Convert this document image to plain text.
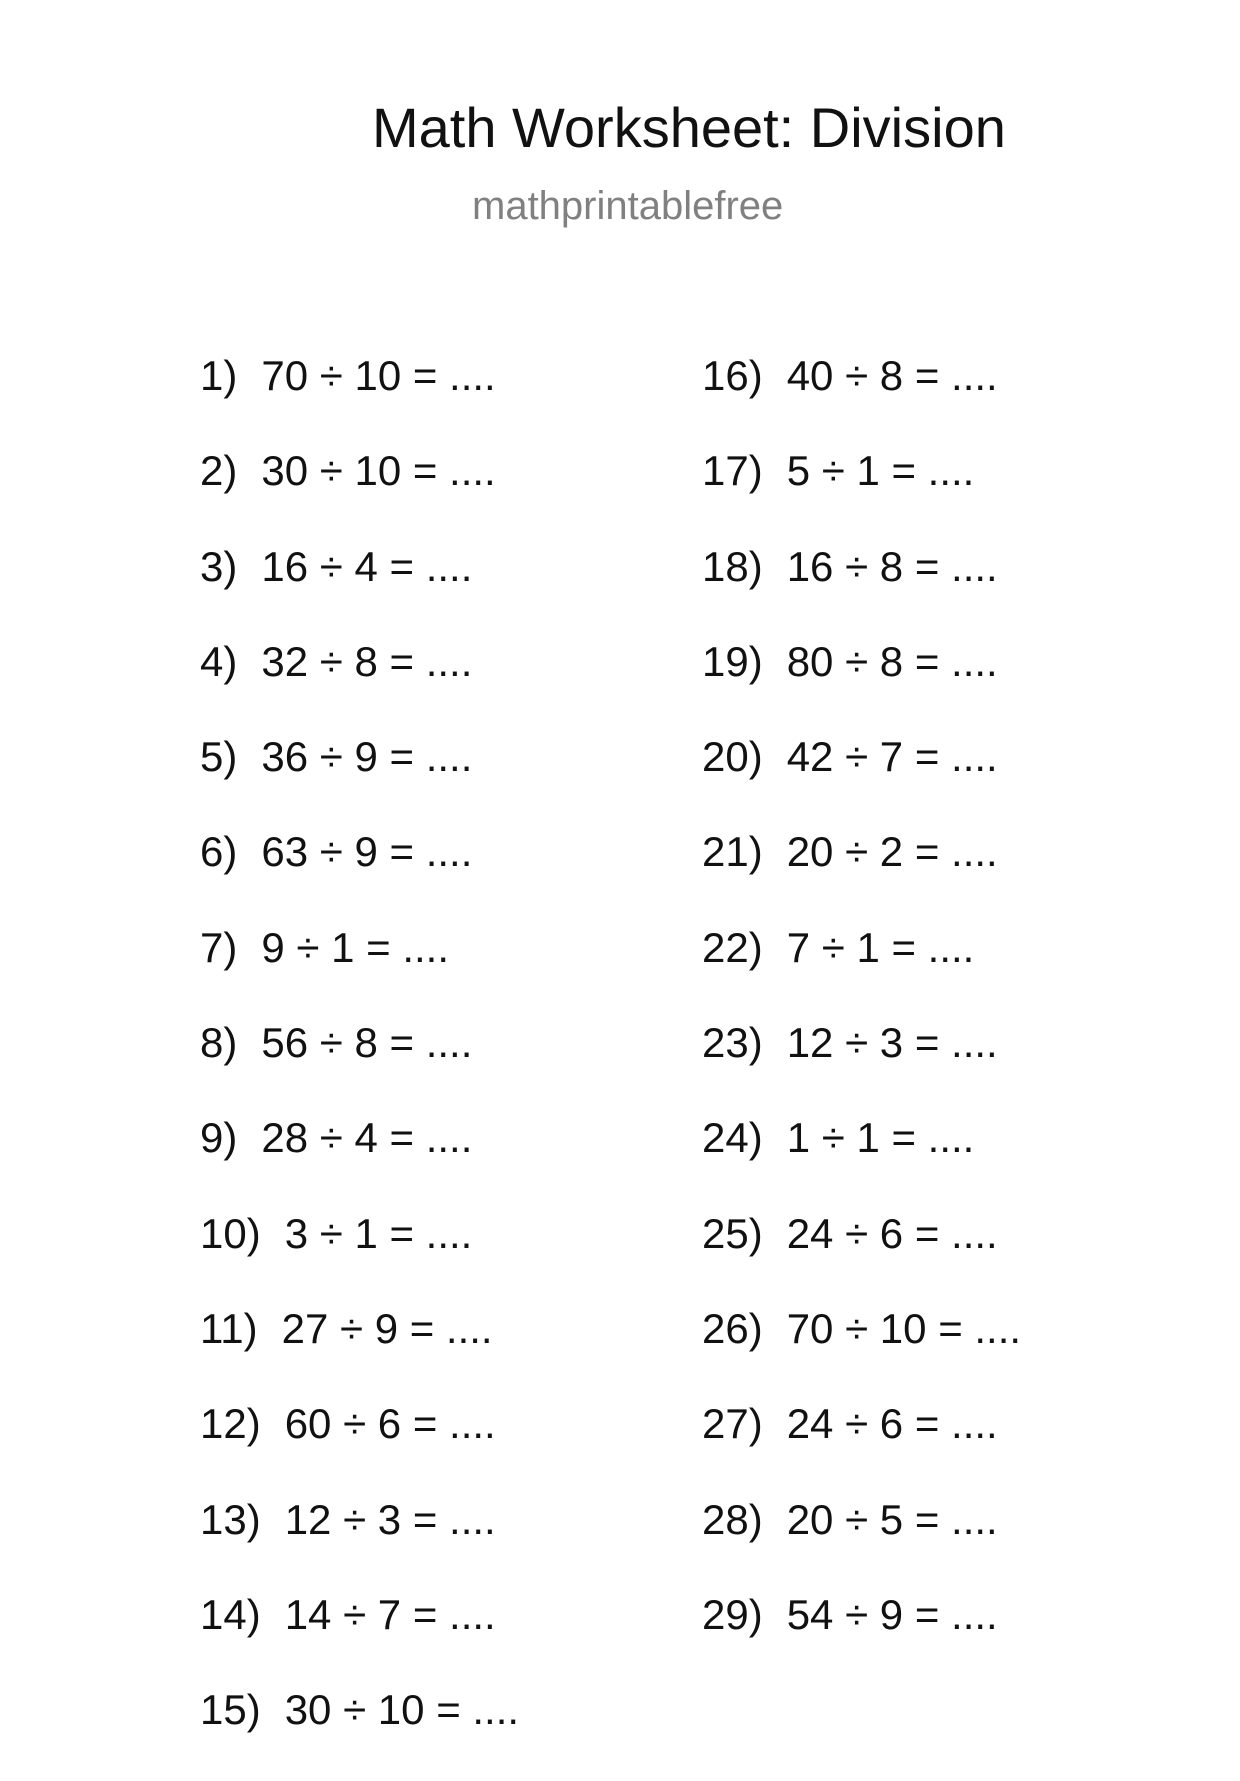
Math Worksheet: Division
mathprintablefree
1) 70 ÷ 10 = ....
2) 30 ÷ 10 = ....
3) 16 ÷ 4 = ....
4) 32 ÷ 8 = ....
5) 36 ÷ 9 = ....
6) 63 ÷ 9 = ....
7) 9 ÷ 1 = ....
8) 56 ÷ 8 = ....
9) 28 ÷ 4 = ....
10) 3 ÷ 1 = ....
11) 27 ÷ 9 = ....
12) 60 ÷ 6 = ....
13) 12 ÷ 3 = ....
14) 14 ÷ 7 = ....
15) 30 ÷ 10 = ....
16) 40 ÷ 8 = ....
17) 5 ÷ 1 = ....
18) 16 ÷ 8 = ....
19) 80 ÷ 8 = ....
20) 42 ÷ 7 = ....
21) 20 ÷ 2 = ....
22) 7 ÷ 1 = ....
23) 12 ÷ 3 = ....
24) 1 ÷ 1 = ....
25) 24 ÷ 6 = ....
26) 70 ÷ 10 = ....
27) 24 ÷ 6 = ....
28) 20 ÷ 5 = ....
29) 54 ÷ 9 = ....
